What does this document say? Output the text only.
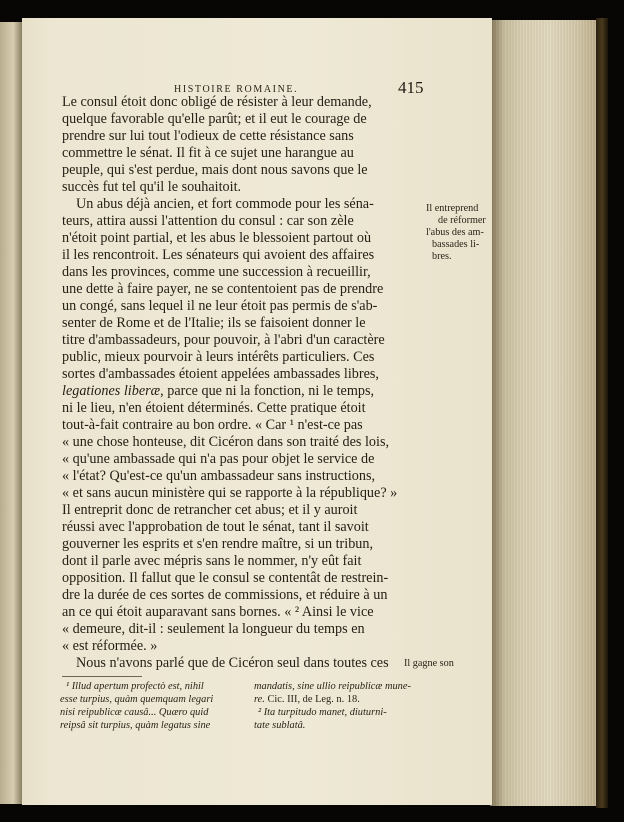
HISTOIRE ROMAINE.	415
Le consul étoit donc obligé de résister à leur demande,
quelque favorable qu'elle parût; et il eut le courage de
prendre sur lui tout l'odieux de cette résistance sans
commettre le sénat. Il fit à ce sujet une harangue au
peuple, qui s'est perdue, mais dont nous savons que le
succès fut tel qu'il le souhaitoit.
Un abus déjà ancien, et fort commode pour les séna-
teurs, attira aussi l'attention du consul : car son zèle
n'étoit point partial, et les abus le blessoient partout où
il les rencontroit. Les sénateurs qui avoient des affaires
dans les provinces, comme une succession à recueillir,
une dette à faire payer, ne se contentoient pas de prendre
un congé, sans lequel il ne leur étoit pas permis de s'ab-
senter de Rome et de l'Italie; ils se faisoient donner le
titre d'ambassadeurs, pour pouvoir, à l'abri d'un caractère
public, mieux pourvoir à leurs intérêts particuliers. Ces
sortes d'ambassades étoient appelées ambassades libres,
legationes liberæ, parce que ni la fonction, ni le temps,
ni le lieu, n'en étoient déterminés. Cette pratique étoit
tout-à-fait contraire au bon ordre. « Car ¹ n'est-ce pas
« une chose honteuse, dit Cicéron dans son traité des lois,
« qu'une ambassade qui n'a pas pour objet le service de
« l'état? Qu'est-ce qu'un ambassadeur sans instructions,
« et sans aucun ministère qui se rapporte à la république? »
Il entreprit donc de retrancher cet abus; et il y auroit
réussi avec l'approbation de tout le sénat, tant il savoit
gouverner les esprits et s'en rendre maître, si un tribun,
dont il parle avec mépris sans le nommer, n'y eût fait
opposition. Il fallut que le consul se contentât de restrein-
dre la durée de ces sortes de commissions, et réduire à un
an ce qui étoit auparavant sans bornes. « ² Ainsi le vice
« demeure, dit-il : seulement la longueur du temps en
« est réformée. »
Nous n'avons parlé que de Cicéron seul dans toutes ces
Il entreprend
de réformer
l'abus des am-
bassades li-
bres.
Il gagne son
¹ Illud apertum profectò est, nihil
esse turpius, quàm quemquam legari
nisi reipublicæ causâ... Quæro quid
reipsâ sit turpius, quàm legatus sine
mandatis, sine ullio reipublicæ mune-
re. Cic. III, de Leg. n. 18.
² Ita turpitudo manet, diuturni-
tate sublatâ.
